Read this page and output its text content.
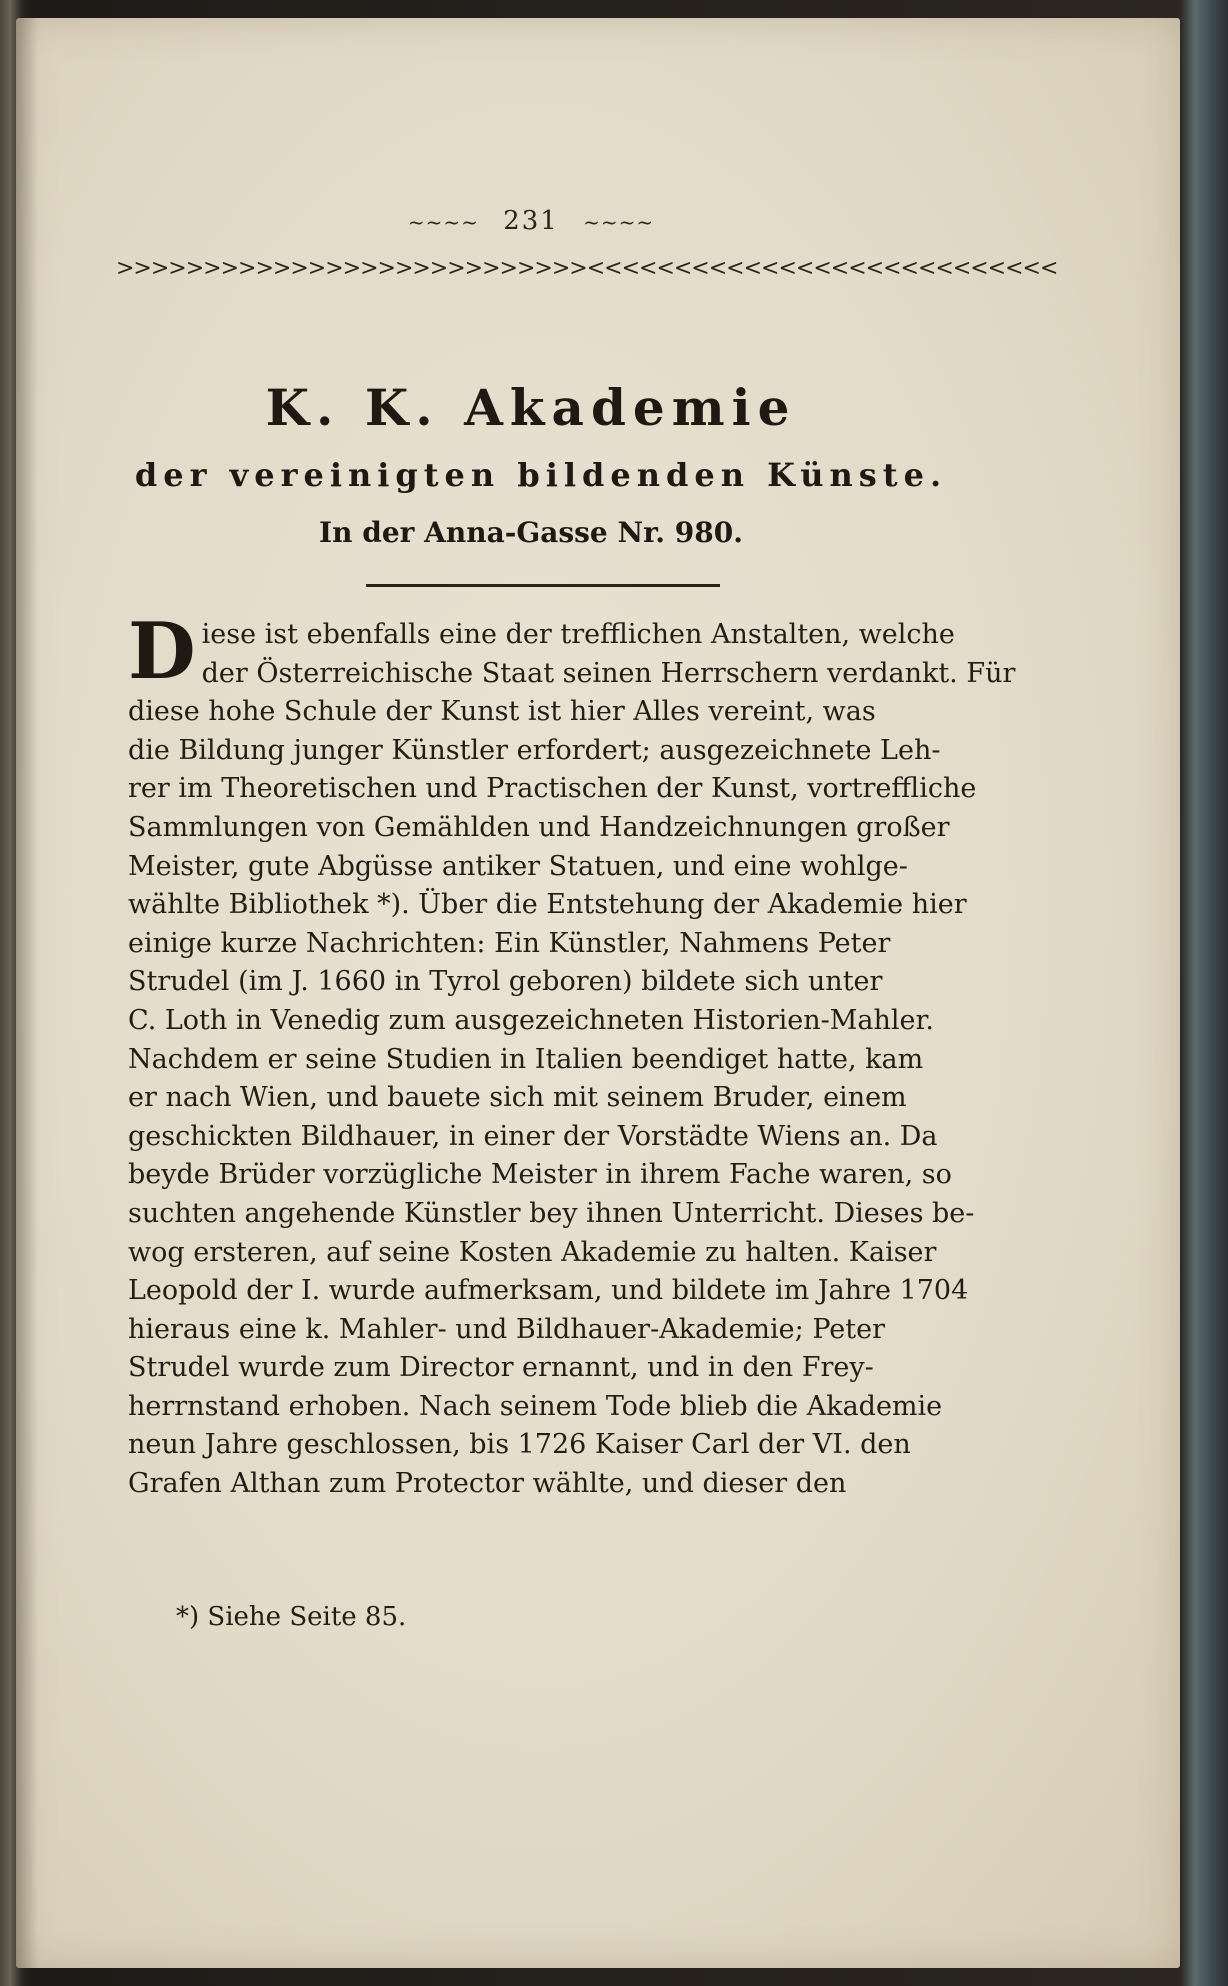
~~~~ 231 ~~~~
>>>>>>>>>>>>>>>>>>>>>>>>>>><<<<<<<<<<<<<<<<<<<<<<<<<<<
K. K. Akademie
der vereinigten bildenden Künste.
In der Anna-Gasse Nr. 980.
D iese ist ebenfalls eine der trefflichen Anstalten, welche
der Österreichische Staat seinen Herrschern verdankt. Für
diese hohe Schule der Kunst ist hier Alles vereint, was
die Bildung junger Künstler erfordert; ausgezeichnete Leh-
rer im Theoretischen und Practischen der Kunst, vortreffliche
Sammlungen von Gemählden und Handzeichnungen großer
Meister, gute Abgüsse antiker Statuen, und eine wohlge-
wählte Bibliothek *). Über die Entstehung der Akademie hier
einige kurze Nachrichten: Ein Künstler, Nahmens Peter
Strudel (im J. 1660 in Tyrol geboren) bildete sich unter
C. Loth in Venedig zum ausgezeichneten Historien-Mahler.
Nachdem er seine Studien in Italien beendiget hatte, kam
er nach Wien, und bauete sich mit seinem Bruder, einem
geschickten Bildhauer, in einer der Vorstädte Wiens an. Da
beyde Brüder vorzügliche Meister in ihrem Fache waren, so
suchten angehende Künstler bey ihnen Unterricht. Dieses be-
wog ersteren, auf seine Kosten Akademie zu halten. Kaiser
Leopold der I. wurde aufmerksam, und bildete im Jahre 1704
hieraus eine k. Mahler- und Bildhauer-Akademie; Peter
Strudel wurde zum Director ernannt, und in den Frey-
herrnstand erhoben. Nach seinem Tode blieb die Akademie
neun Jahre geschlossen, bis 1726 Kaiser Carl der VI. den
Grafen Althan zum Protector wählte, und dieser den
*) Siehe Seite 85.
